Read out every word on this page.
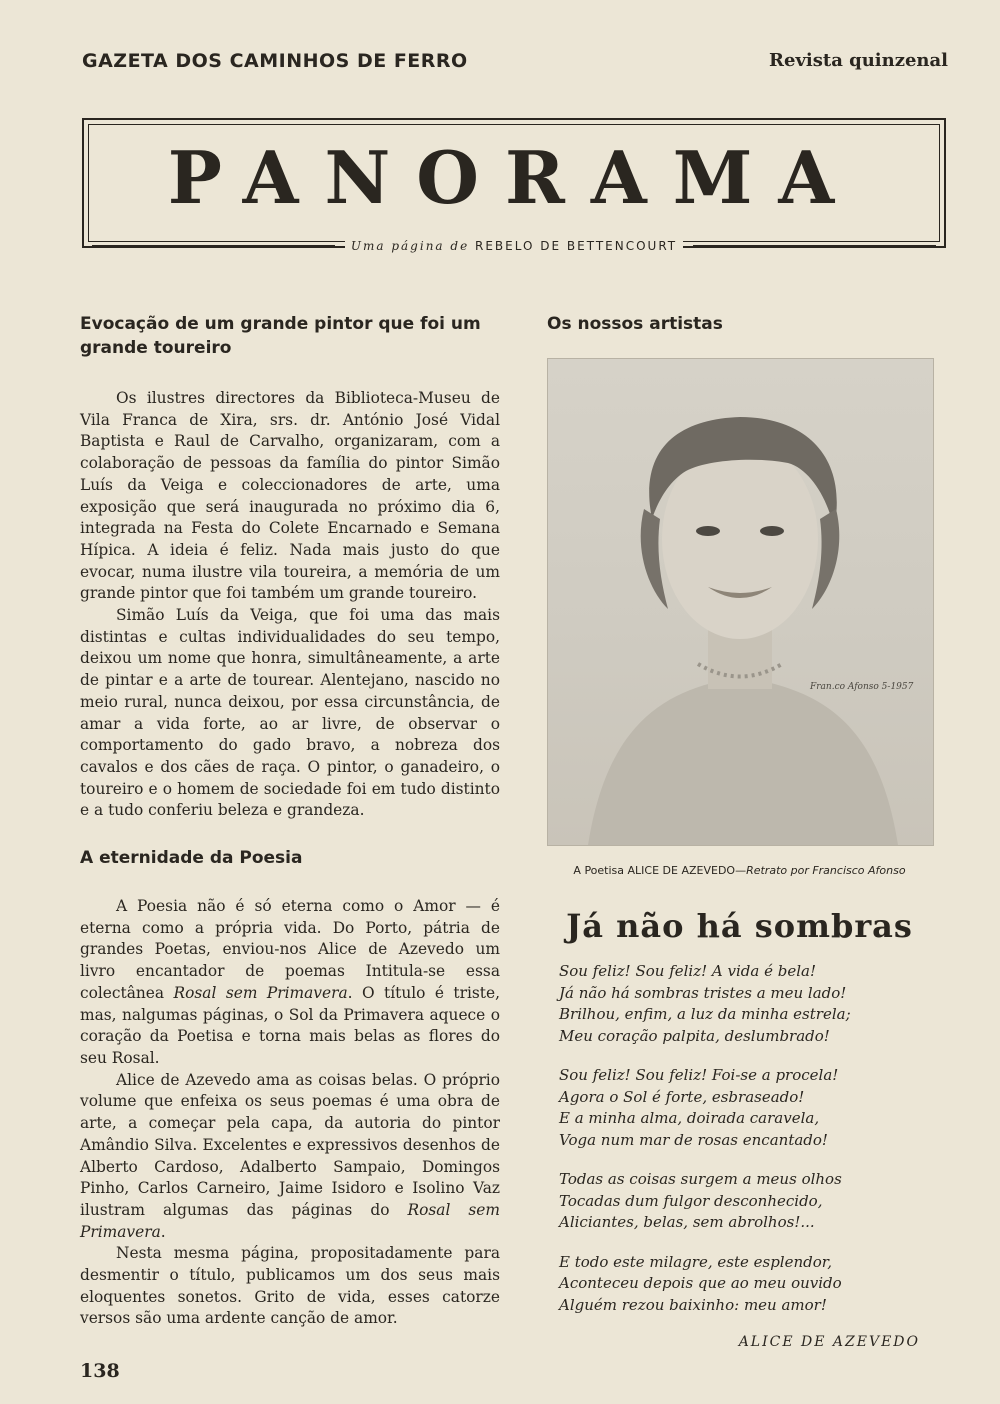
GAZETA DOS CAMINHOS DE FERRO	Revista quinzenal
PANORAMA
Uma página de REBELO DE BETTENCOURT
Evocação de um grande pintor que foi um grande toureiro

Os ilustres directores da Biblioteca-Museu de Vila Franca de Xira, srs. dr. António José Vidal Baptista e Raul de Carvalho, organizaram, com a colaboração de pessoas da família do pintor Simão Luís da Veiga e coleccionadores de arte, uma exposição que será inaugurada no próximo dia 6, integrada na Festa do Colete Encarnado e Semana Hípica. A ideia é feliz. Nada mais justo do que evocar, numa ilustre vila toureira, a memória de um grande pintor que foi também um grande toureiro.

Simão Luís da Veiga, que foi uma das mais distintas e cultas individualidades do seu tempo, deixou um nome que honra, simultâneamente, a arte de pintar e a arte de tourear. Alentejano, nascido no meio rural, nunca deixou, por essa circunstância, de amar a vida forte, ao ar livre, de observar o comportamento do gado bravo, a nobreza dos cavalos e dos cães de raça. O pintor, o ganadeiro, o toureiro e o homem de sociedade foi em tudo distinto e a tudo conferiu beleza e grandeza.

A eternidade da Poesia

A Poesia não é só eterna como o Amor — é eterna como a própria vida. Do Porto, pátria de grandes Poetas, enviou-nos Alice de Azevedo um livro encantador de poemas Intitula-se essa colectânea Rosal sem Primavera. O título é triste, mas, nalgumas páginas, o Sol da Primavera aquece o coração da Poetisa e torna mais belas as flores do seu Rosal.

Alice de Azevedo ama as coisas belas. O próprio volume que enfeixa os seus poemas é uma obra de arte, a começar pela capa, da autoria do pintor Amândio Silva. Excelentes e expressivos desenhos de Alberto Cardoso, Adalberto Sampaio, Domingos Pinho, Carlos Carneiro, Jaime Isidoro e Isolino Vaz ilustram algumas das páginas do Rosal sem Primavera.

Nesta mesma página, propositadamente para desmentir o título, publicamos um dos seus mais eloquentes sonetos. Grito de vida, esses catorze versos são uma ardente canção de amor.

Os nossos artistas
Fran.co Afonso 5-1957
A Poetisa ALICE DE AZEVEDO—Retrato por Francisco Afonso
Já não há sombras
Sou feliz! Sou feliz! A vida é bela!
Já não há sombras tristes a meu lado!
Brilhou, enfim, a luz da minha estrela;
Meu coração palpita, deslumbrado!
Sou feliz! Sou feliz! Foi-se a procela!
Agora o Sol é forte, esbraseado!
E a minha alma, doirada caravela,
Voga num mar de rosas encantado!
Todas as coisas surgem a meus olhos
Tocadas dum fulgor desconhecido,
Aliciantes, belas, sem abrolhos!...
E todo este milagre, este esplendor,
Aconteceu depois que ao meu ouvido
Alguém rezou baixinho: meu amor!
ALICE DE AZEVEDO
138
